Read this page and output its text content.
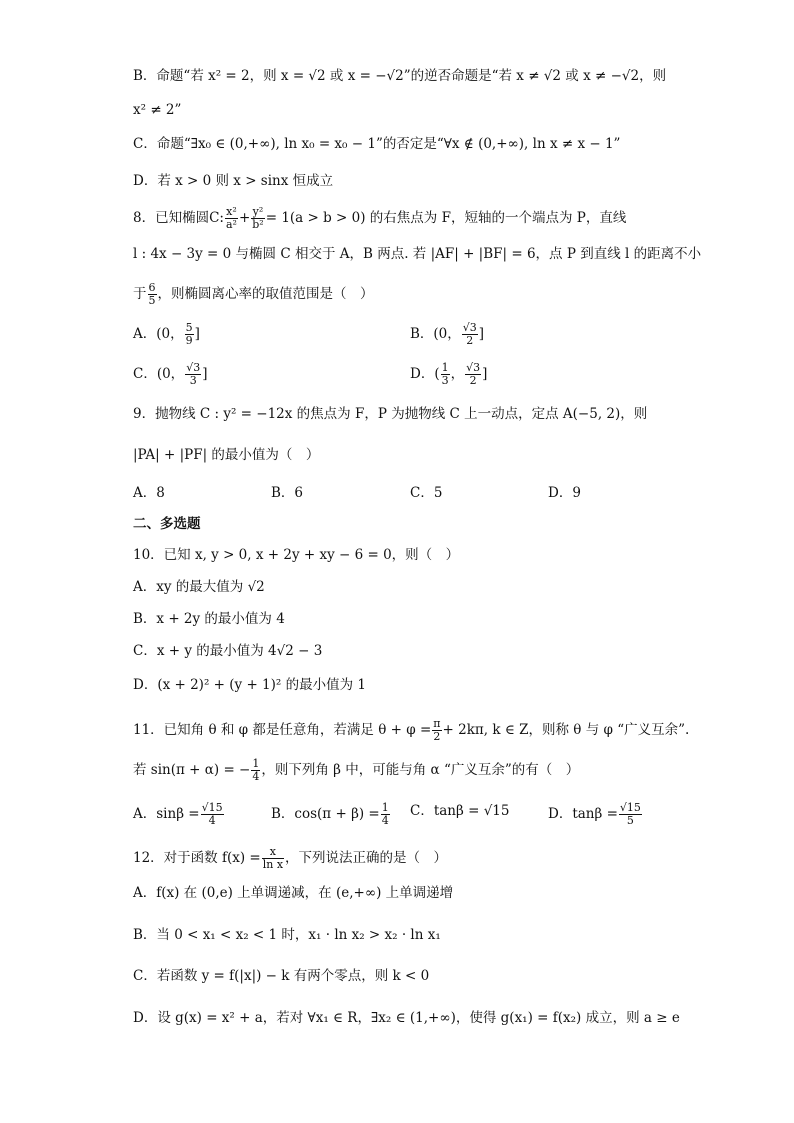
B．命题“若 x² = 2，则 x = √2 或 x = −√2”的逆否命题是“若 x ≠ √2 或 x ≠ −√2，则
x² ≠ 2”
C．命题“∃x₀ ∈ (0,+∞), ln x₀ = x₀ − 1”的否定是“∀x ∉ (0,+∞), ln x ≠ x − 1”
D．若 x > 0 则 x > sinx 恒成立
8．已知椭圆C: $\frac{\text{x²}}{\text{a²}} + \frac{\text{y²}}{\text{b²}} = 1(a > b > 0)$ 的右焦点为 F，短轴的一个端点为 P，直线
l : 4x − 3y = 0 与椭圆 C 相交于 A，B 两点. 若 |AF| + |BF| = 6，点 P 到直线 l 的距离不小
于 $\frac{6}{5}$ ，则椭圆离心率的取值范围是（　）
A．(0， $\frac{5}{9}$ ]	B．(0， $\frac{√3}{2}$ ]
C．(0， $\frac{√3}{3}$ ]	D．( $\frac{1}{3}$ ， $\frac{√3}{2}$ ]
9．抛物线 C : y² = −12x 的焦点为 F，P 为抛物线 C 上一动点，定点 A(−5, 2)，则
|PA| + |PF| 的最小值为（　）
A．8	B．6	C．5	D．9
二、多选题
10．已知 x, y > 0, x + 2y + xy − 6 = 0，则（　）
A．xy 的最大值为 √2
B．x + 2y 的最小值为 4
C．x + y 的最小值为 4√2 − 3
D．(x + 2)² + (y + 1)² 的最小值为 1
11．已知角 θ 和 φ 都是任意角，若满足 $\theta + \varphi = \frac{\pi}{2} + 2k\pi$, k ∈ Z，则称 θ 与 φ “广义互余”.
若 sin(π + α) = − $\frac{1}{4}$ ，则下列角 β 中，可能与角 α “广义互余”的有（　）
A．$\sin\beta = \frac{√15}{4}$	B．$\cos(\pi + \beta) = \frac{1}{4}$ C．tanβ = √15	D．$\tan\beta = \frac{√15}{5}$
12．对于函数 $f(x) = \frac{x}{\text{ln x}}$ ，下列说法正确的是（　）
A．f(x) 在 (0,e) 上单调递减，在 (e,+∞) 上单调递增
B．当 0 < x₁ < x₂ < 1 时，x₁ · ln x₂ > x₂ · ln x₁
C．若函数 y = f(|x|) − k 有两个零点，则 k < 0
D．设 g(x) = x² + a，若对 ∀x₁ ∈ R，∃x₂ ∈ (1,+∞)，使得 g(x₁) = f(x₂) 成立，则 a ≥ e
